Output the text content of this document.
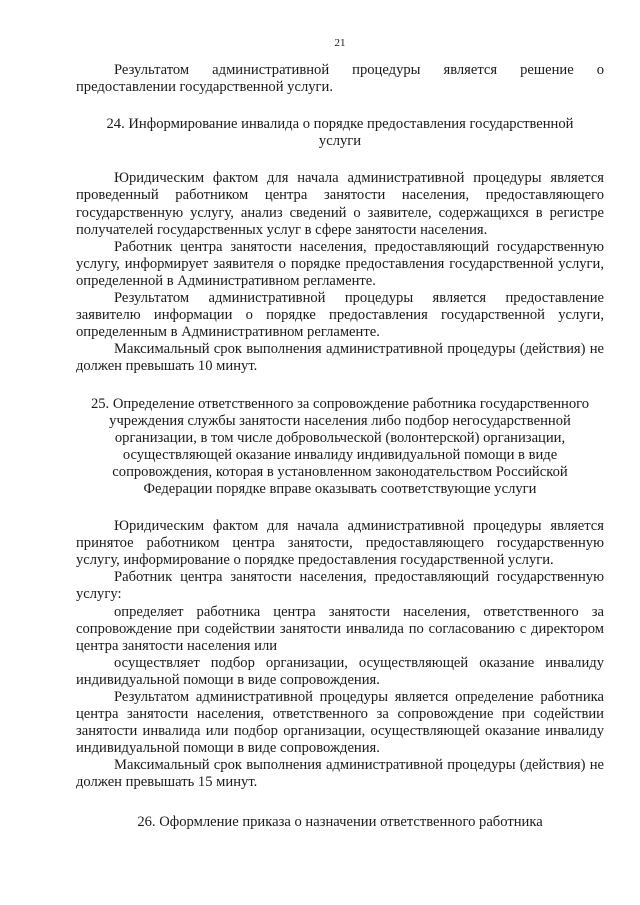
21

Результатом административной процедуры является решение о предоставлении государственной услуги.

24. Информирование инвалида о порядке предоставления государственной услуги

Юридическим фактом для начала административной процедуры является проведенный работником центра занятости населения, предоставляющего государственную услугу, анализ сведений о заявителе, содержащихся в регистре получателей государственных услуг в сфере занятости населения.

Работник центра занятости населения, предоставляющий государственную услугу, информирует заявителя о порядке предоставления государственной услуги, определенной в Административном регламенте.

Результатом административной процедуры является предоставление заявителю информации о порядке предоставления государственной услуги, определенным в Административном регламенте.

Максимальный срок выполнения административной процедуры (действия) не должен превышать 10 минут.

25. Определение ответственного за сопровождение работника государственного учреждения службы занятости населения либо подбор негосударственной организации, в том числе добровольческой (волонтерской) организации, осуществляющей оказание инвалиду индивидуальной помощи в виде сопровождения, которая в установленном законодательством Российской Федерации порядке вправе оказывать соответствующие услуги

Юридическим фактом для начала административной процедуры является принятое работником центра занятости, предоставляющего государственную услугу, информирование о порядке предоставления государственной услуги.

Работник центра занятости населения, предоставляющий государственную услугу:

определяет работника центра занятости населения, ответственного за сопровождение при содействии занятости инвалида по согласованию с директором центра занятости населения или

осуществляет подбор организации, осуществляющей оказание инвалиду индивидуальной помощи в виде сопровождения.

Результатом административной процедуры является определение работника центра занятости населения, ответственного за сопровождение при содействии занятости инвалида или подбор организации, осуществляющей оказание инвалиду индивидуальной помощи в виде сопровождения.

Максимальный срок выполнения административной процедуры (действия) не должен превышать 15 минут.

26. Оформление приказа о назначении ответственного работника
